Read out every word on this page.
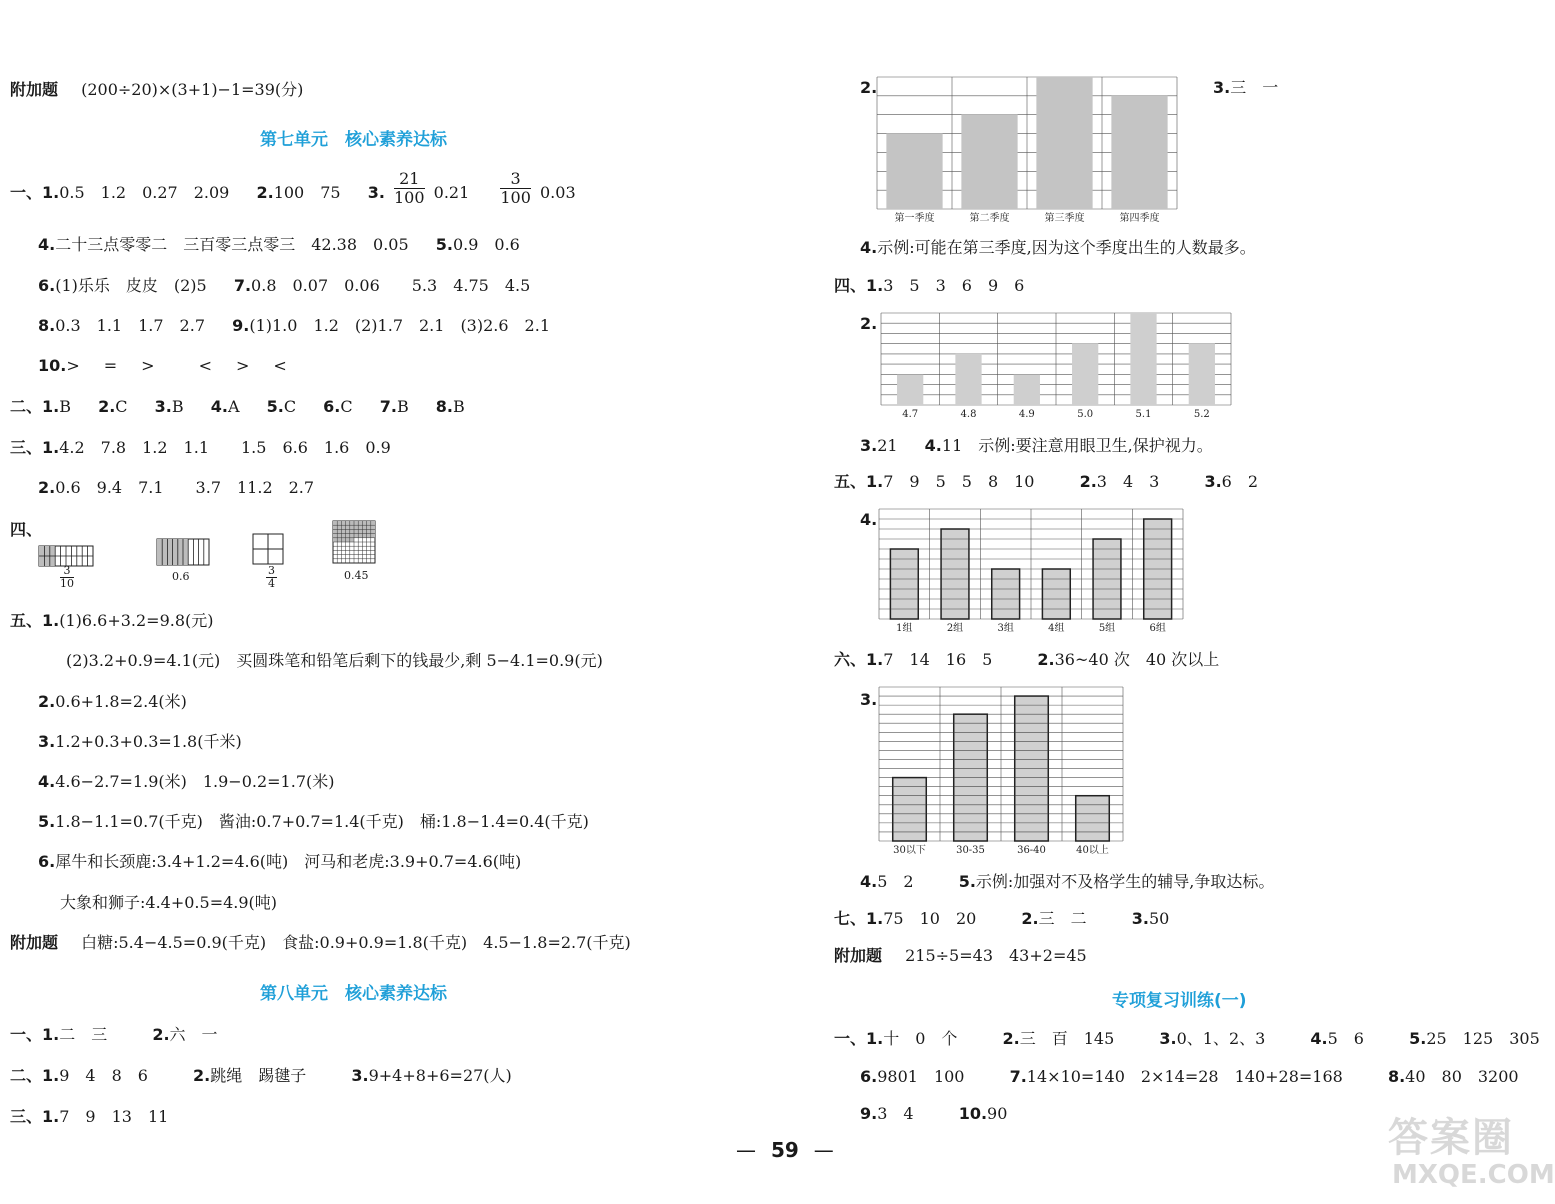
附加题 (200÷20)×(3+1)−1=39(分)
第七单元　核心素养达标
一、1.0.5　1.2　0.27　2.09 2.100　75 3. $\frac{21}{100} 0.21 \frac{3}{100} 0.03$
4.二十三点零零二　三百零三点零三　42.38　0.05 5.0.9　0.6
6.(1)乐乐　皮皮　(2)5 7.0.8　0.07　0.06　　5.3　4.75　4.5
8.0.3　1.1　1.7　2.7 9.(1)1.0　1.2　(2)1.7　2.1　(3)2.6　2.1
10.>　=　>　　<　>　<
二、1.B 2.C 3.B 4.A 5.C 6.C 7.B 8.B
三、1.4.2　7.8　1.2　1.1　　1.5　6.6　1.6　0.9
2.0.6　9.4　7.1　　3.7　11.2　2.7
四、
$\frac{3}{10}$	0.6	$\frac{3}{4}$	0.45
五、1.(1)6.6+3.2=9.8(元)
(2)3.2+0.9=4.1(元)　买圆珠笔和铅笔后剩下的钱最少,剩 5−4.1=0.9(元)
2.0.6+1.8=2.4(米)
3.1.2+0.3+0.3=1.8(千米)
4.4.6−2.7=1.9(米)　1.9−0.2=1.7(米)
5.1.8−1.1=0.7(千克)　酱油:0.7+0.7=1.4(千克)　桶:1.8−1.4=0.4(千克)
6.犀牛和长颈鹿:3.4+1.2=4.6(吨)　河马和老虎:3.9+0.7=4.6(吨)
大象和狮子:4.4+0.5=4.9(吨)
附加题 白糖:5.4−4.5=0.9(千克)　食盐:0.9+0.9=1.8(千克)　4.5−1.8=2.7(千克)
第八单元　核心素养达标
一、1.二　三	2.六　一
二、1.9　4　8　6	2.跳绳　踢毽子	3.9+4+8+6=27(人)
三、1.7　9　13　11
2.
第一季度	第二季度	第三季度	第四季度
3.三　一
4.示例:可能在第三季度,因为这个季度出生的人数最多。
四、1.3　5　3　6　9　6
2.
4.7	4.8	4.9	5.0	5.1	5.2
3.21 4.11　示例:要注意用眼卫生,保护视力。
五、1.7　9　5　5　8　10	2.3　4　3	3.6　2
4.
1组	2组	3组	4组	5组	6组
六、1.7　14　16　5	2.36~40 次　40 次以上
3.
30以下	30-35	36-40	40以上
4.5　2	5.示例:加强对不及格学生的辅导,争取达标。
七、1.75　10　20	2.三　二	3.50
附加题 215÷5=43　43+2=45
专项复习训练(一)
一、1.十　0　个	2.三　百　145	3.0、1、2、3	4.5　6	5.25　125　305
6.9801　100	7.14×10=140　2×14=28　140+28=168	8.40　80　3200
9.3　4	10.90
— 59 —	答案圈
MXQE.COM
